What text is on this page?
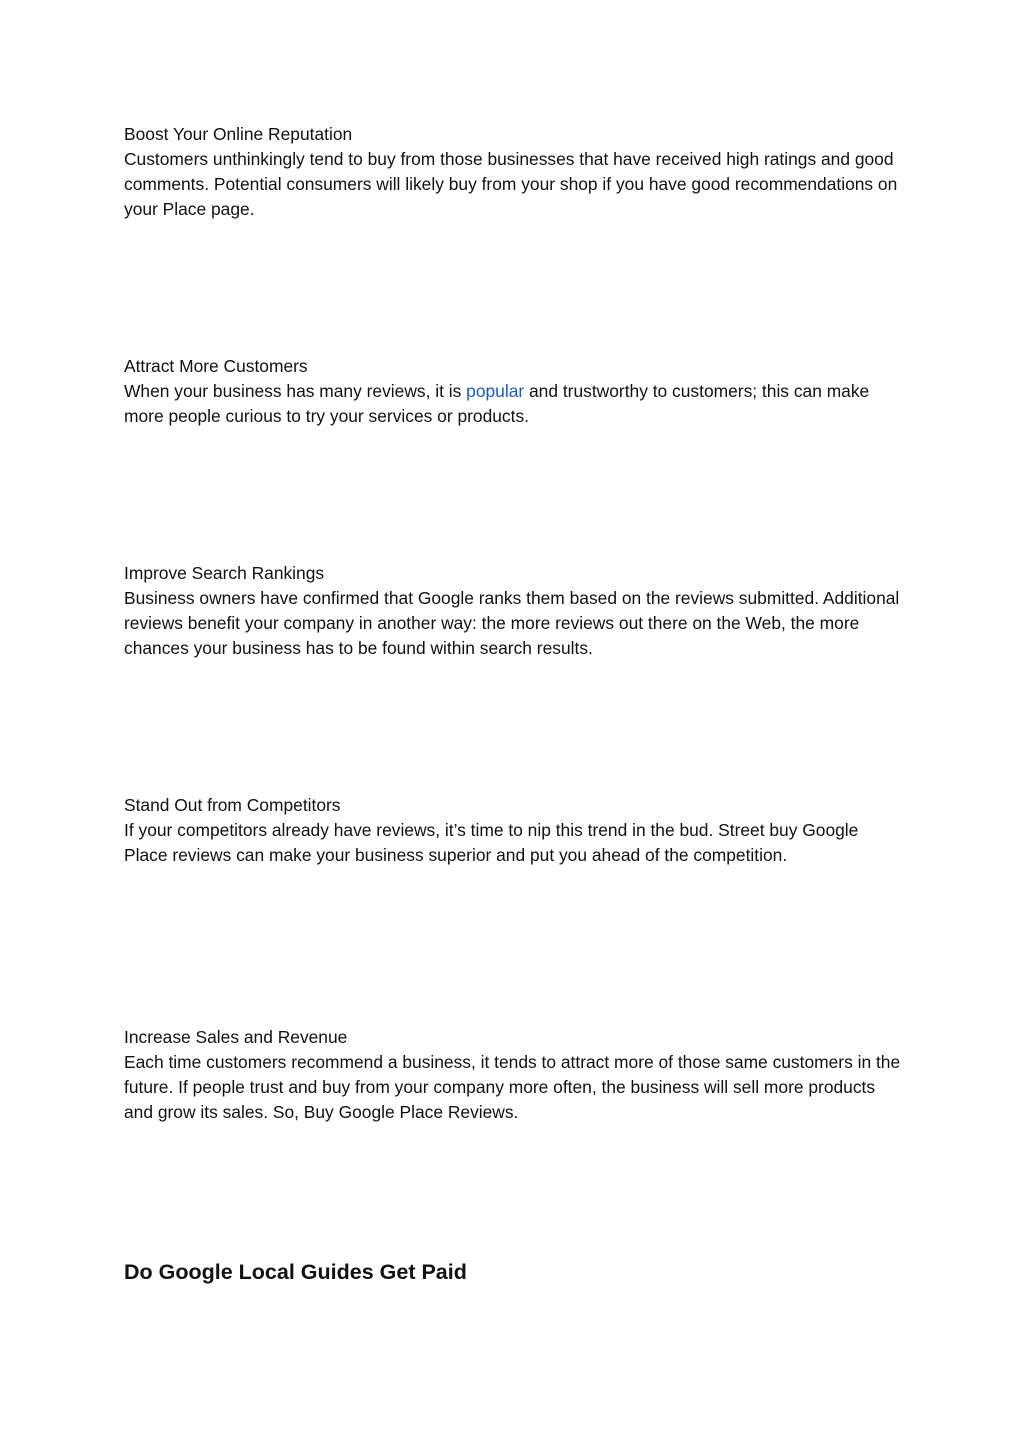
Boost Your Online Reputation

Customers unthinkingly tend to buy from those businesses that have received high ratings and good comments. Potential consumers will likely buy from your shop if you have good recommendations on your Place page.

Attract More Customers

When your business has many reviews, it is popular and trustworthy to customers; this can make more people curious to try your services or products.

Improve Search Rankings

Business owners have confirmed that Google ranks them based on the reviews submitted. Additional reviews benefit your company in another way: the more reviews out there on the Web, the more chances your business has to be found within search results.

Stand Out from Competitors

If your competitors already have reviews, it’s time to nip this trend in the bud. Street buy Google Place reviews can make your business superior and put you ahead of the competition.

Increase Sales and Revenue

Each time customers recommend a business, it tends to attract more of those same customers in the future. If people trust and buy from your company more often, the business will sell more products and grow its sales. So, Buy Google Place Reviews.

Do Google Local Guides Get Paid
